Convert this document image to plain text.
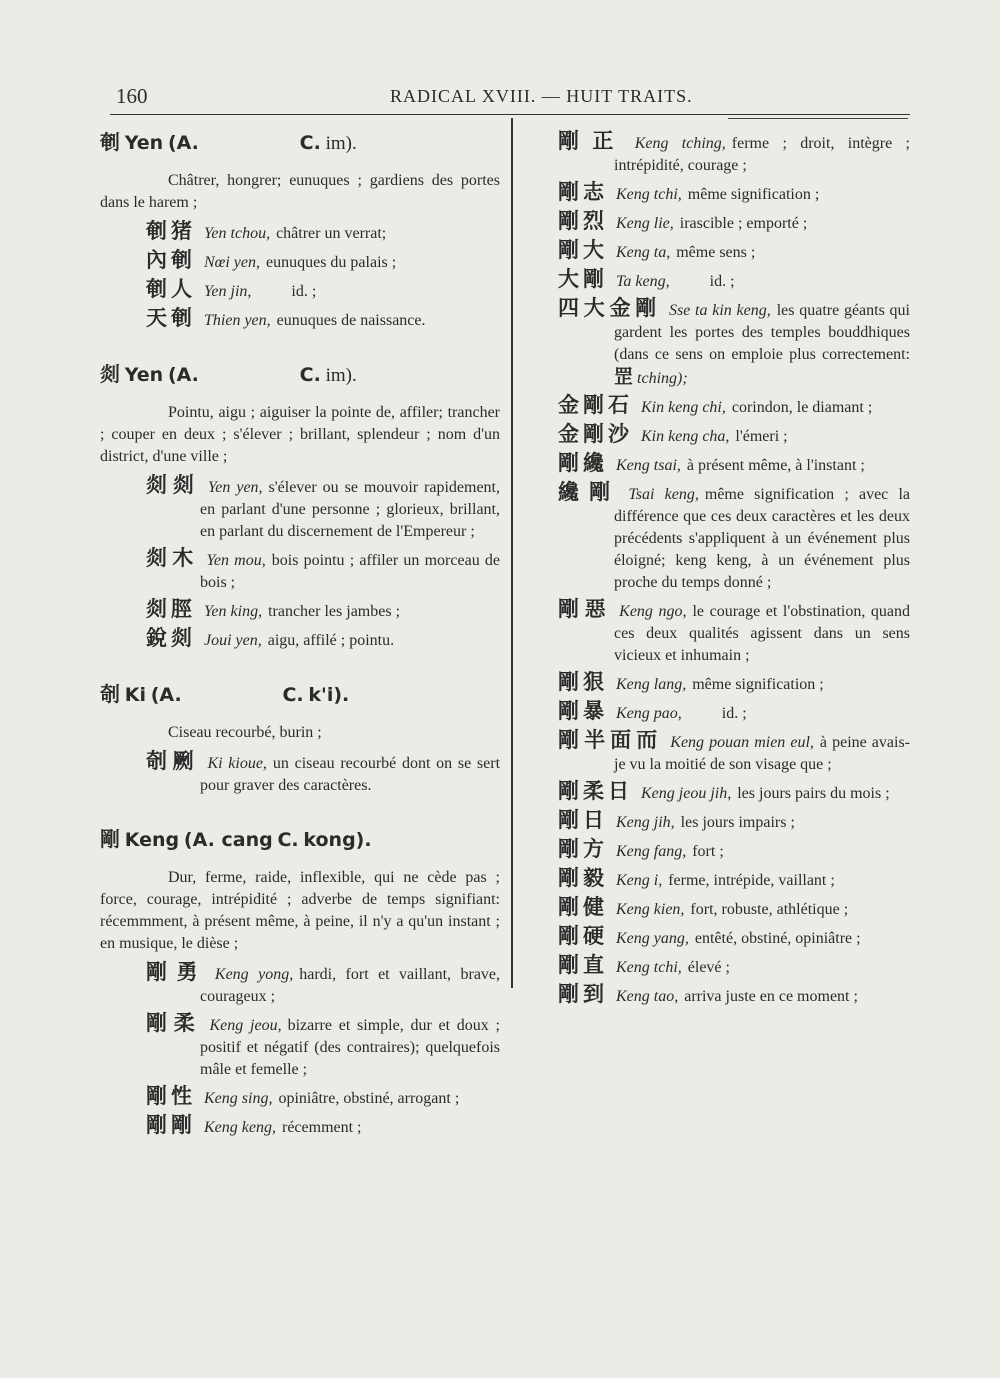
160	RADICAL XVIII. — HUIT TRAITS.
剦 Yen (A.	C. im).

Châtrer, hongrer; eunuques ; gardiens des portes dans le harem ;

剦猪 Yen tchou, châtrer un verrat;

內剦 Nœi yen, eunuques du palais ;

剦人 Yen jin,	id. ;

天剦 Thien yen, eunuques de naissance.

剡 Yen (A.	C. im).

Pointu, aigu ; aiguiser la pointe de, affiler; trancher ; couper en deux ; s'élever ; brillant, splendeur ; nom d'un district, d'une ville ;

剡剡 Yen yen, s'élever ou se mouvoir rapidement, en parlant d'une personne ; glorieux, brillant, en parlant du discernement de l'Empereur ;

剡木 Yen mou, bois pointu ; affiler un morceau de bois ;

剡脛 Yen king, trancher les jambes ;

銳剡 Joui yen, aigu, affilé ; pointu.

剞 Ki (A.	C. k'i).

Ciseau recourbé, burin ;

剞劂 Ki kioue, un ciseau recourbé dont on se sert pour graver des caractères.

剛 Keng (A. cang C. kong).

Dur, ferme, raide, inflexible, qui ne cède pas ; force, courage, intrépidité ; adverbe de temps signifiant: récemmment, à présent même, à peine, il n'y a qu'un instant ; en musique, le dièse ;

剛勇 Keng yong, hardi, fort et vaillant, brave, courageux ;

剛柔 Keng jeou, bizarre et simple, dur et doux ; positif et négatif (des contraires); quelquefois mâle et femelle ;

剛性 Keng sing, opiniâtre, obstiné, arrogant ;

剛剛 Keng keng, récemment ;

剛正 Keng tching, ferme ; droit, intègre ; intrépidité, courage ;

剛志 Keng tchi, même signification ;

剛烈 Keng lie, irascible ; emporté ;

剛大 Keng ta, même sens ;

大剛 Ta keng,	id. ;

四大金剛 Sse ta kin keng, les quatre géants qui gardent les portes des temples bouddhiques (dans ce sens on emploie plus correctement: 罡 tching);

金剛石 Kin keng chi, corindon, le diamant ;

金剛沙 Kin keng cha, l'émeri ;

剛纔 Keng tsai, à présent même, à l'instant ;

纔剛 Tsai keng, même signification ; avec la différence que ces deux caractères et les deux précédents s'appliquent à un événement plus éloigné; keng keng, à un événement plus proche du temps donné ;

剛惡 Keng ngo, le courage et l'obstination, quand ces deux qualités agissent dans un sens vicieux et inhumain ;

剛狠 Keng lang, même signification ;

剛暴 Keng pao,	id. ;

剛半面而 Keng pouan mien eul, à peine avais-je vu la moitié de son visage que ;

剛柔日 Keng jeou jih, les jours pairs du mois ;

剛日 Keng jih, les jours impairs ;

剛方 Keng fang, fort ;

剛毅 Keng i, ferme, intrépide, vaillant ;

剛健 Keng kien, fort, robuste, athlétique ;

剛硬 Keng yang, entêté, obstiné, opiniâtre ;

剛直 Keng tchi, élevé ;

剛到 Keng tao, arriva juste en ce moment ;
